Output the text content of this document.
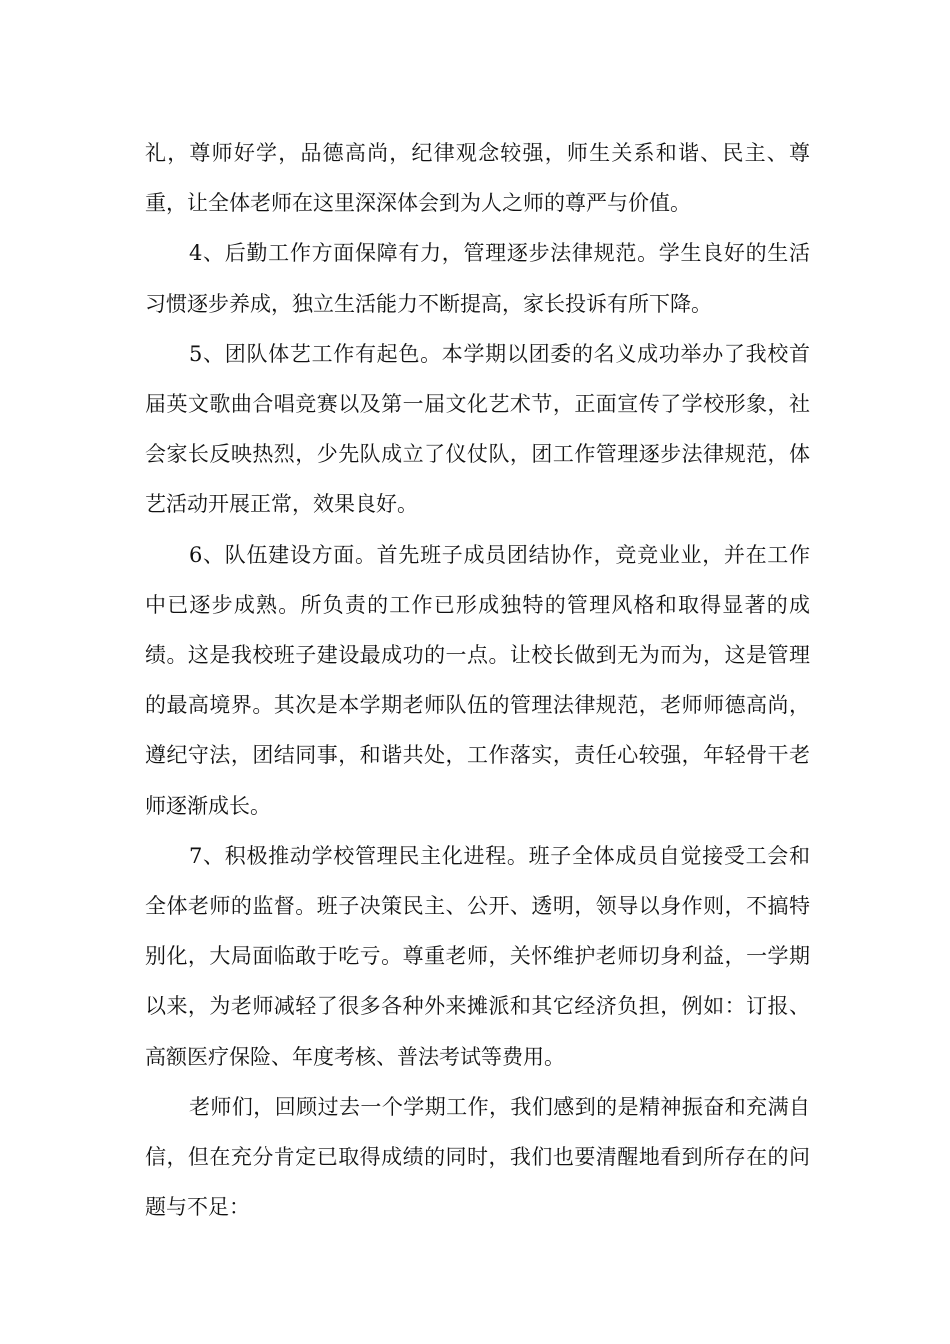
礼，尊师好学，品德高尚，纪律观念较强，师生关系和谐、民主、尊重，让全体老师在这里深深体会到为人之师的尊严与价值。

4、后勤工作方面保障有力，管理逐步法律规范。学生良好的生活习惯逐步养成，独立生活能力不断提高，家长投诉有所下降。

5、团队体艺工作有起色。本学期以团委的名义成功举办了我校首届英文歌曲合唱竞赛以及第一届文化艺术节，正面宣传了学校形象，社会家长反映热烈，少先队成立了仪仗队，团工作管理逐步法律规范，体艺活动开展正常，效果良好。

6、队伍建设方面。首先班子成员团结协作，竞竞业业，并在工作中已逐步成熟。所负责的工作已形成独特的管理风格和取得显著的成绩。这是我校班子建设最成功的一点。让校长做到无为而为，这是管理的最高境界。其次是本学期老师队伍的管理法律规范，老师师德高尚，遵纪守法，团结同事，和谐共处，工作落实，责任心较强，年轻骨干老师逐渐成长。

7、积极推动学校管理民主化进程。班子全体成员自觉接受工会和全体老师的监督。班子决策民主、公开、透明，领导以身作则，不搞特别化，大局面临敢于吃亏。尊重老师，关怀维护老师切身利益，一学期以来，为老师减轻了很多各种外来摊派和其它经济负担，例如：订报、高额医疗保险、年度考核、普法考试等费用。

老师们，回顾过去一个学期工作，我们感到的是精神振奋和充满自信，但在充分肯定已取得成绩的同时，我们也要清醒地看到所存在的问题与不足：
